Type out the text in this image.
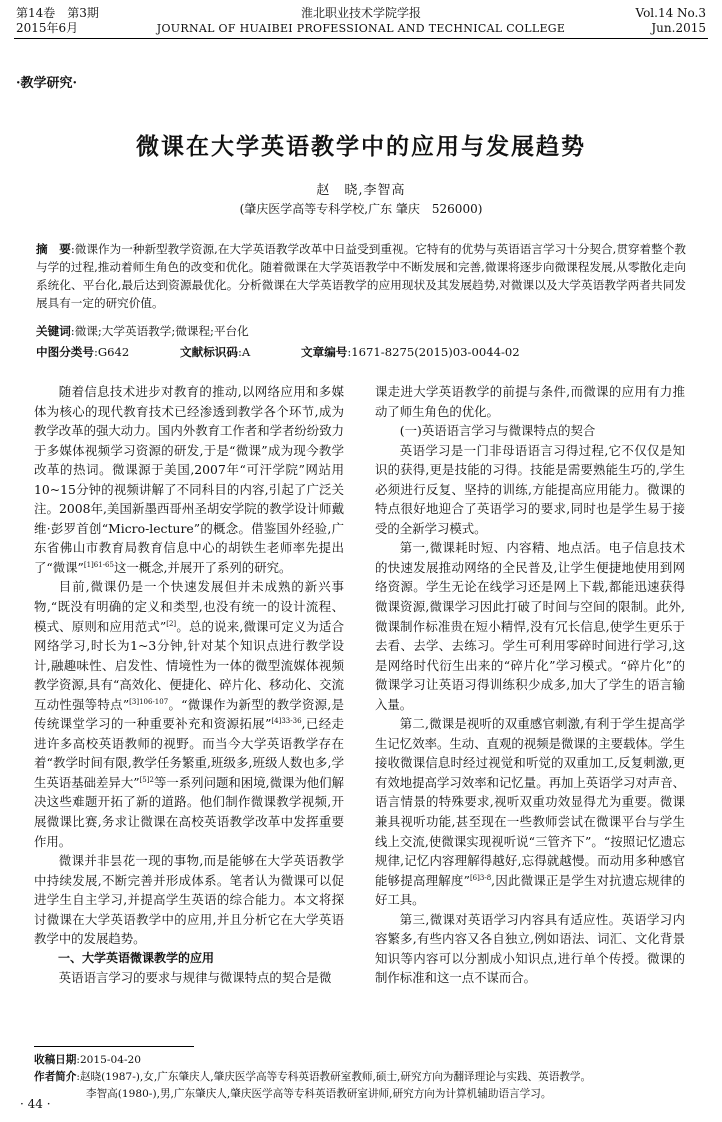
第14卷　第3期
2015年6月
淮北职业技术学院学报
JOURNAL OF HUAIBEI PROFESSIONAL AND TECHNICAL COLLEGE
Vol.14 No.3
Jun.2015
·教学研究·
微课在大学英语教学中的应用与发展趋势
赵　晓,李智高
(肇庆医学高等专科学校,广东 肇庆　526000)
摘　要:微课作为一种新型教学资源,在大学英语教学改革中日益受到重视。它特有的优势与英语语言学习十分契合,贯穿着整个教与学的过程,推动着师生角色的改变和优化。随着微课在大学英语教学中不断发展和完善,微课将逐步向微课程发展,从零散化走向系统化、平台化,最后达到资源最优化。分析微课在大学英语教学的应用现状及其发展趋势,对微课以及大学英语教学两者共同发展具有一定的研究价值。
关键词:微课;大学英语教学;微课程;平台化
中图分类号:G642	文献标识码:A	文章编号:1671-8275(2015)03-0044-02

随着信息技术进步对教育的推动,以网络应用和多媒体为核心的现代教育技术已经渗透到教学各个环节,成为教学改革的强大动力。国内外教育工作者和学者纷纷致力于多媒体视频学习资源的研发,于是“微课”成为现今教学改革的热词。微课源于美国,2007年“可汗学院”网站用10~15分钟的视频讲解了不同科目的内容,引起了广泛关注。2008年,美国新墨西哥州圣胡安学院的教学设计师戴维·彭罗首创“Micro-lecture”的概念。借鉴国外经验,广东省佛山市教育局教育信息中心的胡铁生老师率先提出了“微课”$^{[1]61-65}$这一概念,并展开了系列的研究。

目前,微课仍是一个快速发展但并未成熟的新兴事物,“既没有明确的定义和类型,也没有统一的设计流程、模式、原则和应用范式”[2]。总的说来,微课可定义为适合网络学习,时长为1~3分钟,针对某个知识点进行教学设计,融趣味性、启发性、情境性为一体的微型流媒体视频教学资源,具有“高效化、便捷化、碎片化、移动化、交流互动性强等特点”$^{[3]106-107}$。“微课作为新型的教学资源,是传统课堂学习的一种重要补充和资源拓展”$^{[4]33-36}$,已经走进许多高校英语教师的视野。而当今大学英语教学存在着“教学时间有限,教学任务繁重,班级多,班级人数也多,学生英语基础差异大”$^{[5]2}$等一系列问题和困境,微课为他们解决这些难题开拓了新的道路。他们制作微课教学视频,开展微课比赛,务求让微课在高校英语教学改革中发挥重要作用。

微课并非昙花一现的事物,而是能够在大学英语教学中持续发展,不断完善并形成体系。笔者认为微课可以促进学生自主学习,并提高学生英语的综合能力。本文将探讨微课在大学英语教学中的应用,并且分析它在大学英语教学中的发展趋势。

一、大学英语微课教学的应用

英语语言学习的要求与规律与微课特点的契合是微

课走进大学英语教学的前提与条件,而微课的应用有力推动了师生角色的优化。

(一)英语语言学习与微课特点的契合

英语学习是一门非母语语言习得过程,它不仅仅是知识的获得,更是技能的习得。技能是需要熟能生巧的,学生必须进行反复、坚持的训练,方能提高应用能力。微课的特点很好地迎合了英语学习的要求,同时也是学生易于接受的全新学习模式。

第一,微课耗时短、内容精、地点活。电子信息技术的快速发展推动网络的全民普及,让学生便捷地使用到网络资源。学生无论在线学习还是网上下载,都能迅速获得微课资源,微课学习因此打破了时间与空间的限制。此外,微课制作标准贵在短小精悍,没有冗长信息,使学生更乐于去看、去学、去练习。学生可利用零碎时间进行学习,这是网络时代衍生出来的“碎片化”学习模式。“碎片化”的微课学习让英语习得训练积少成多,加大了学生的语言输入量。

第二,微课是视听的双重感官刺激,有利于学生提高学生记忆效率。生动、直观的视频是微课的主要载体。学生接收微课信息时经过视觉和听觉的双重加工,反复刺激,更有效地提高学习效率和记忆量。再加上英语学习对声音、语言情景的特殊要求,视听双重功效显得尤为重要。微课兼具视听功能,甚至现在一些教师尝试在微课平台与学生线上交流,使微课实现视听说“三管齐下”。“按照记忆遗忘规律,记忆内容理解得越好,忘得就越慢。而动用多种感官能够提高理解度”$^{[6]3-8}$,因此微课正是学生对抗遗忘规律的好工具。

第三,微课对英语学习内容具有适应性。英语学习内容繁多,有些内容又各自独立,例如语法、词汇、文化背景知识等内容可以分割成小知识点,进行单个传授。微课的制作标准和这一点不谋而合。

收稿日期:2015-04-20
作者简介:赵晓(1987-),女,广东肇庆人,肇庆医学高等专科英语教研室教师,硕士,研究方向为翻译理论与实践、英语教学。
李智高(1980-),男,广东肇庆人,肇庆医学高等专科英语教研室讲师,研究方向为计算机辅助语言学习。
· 44 ·
